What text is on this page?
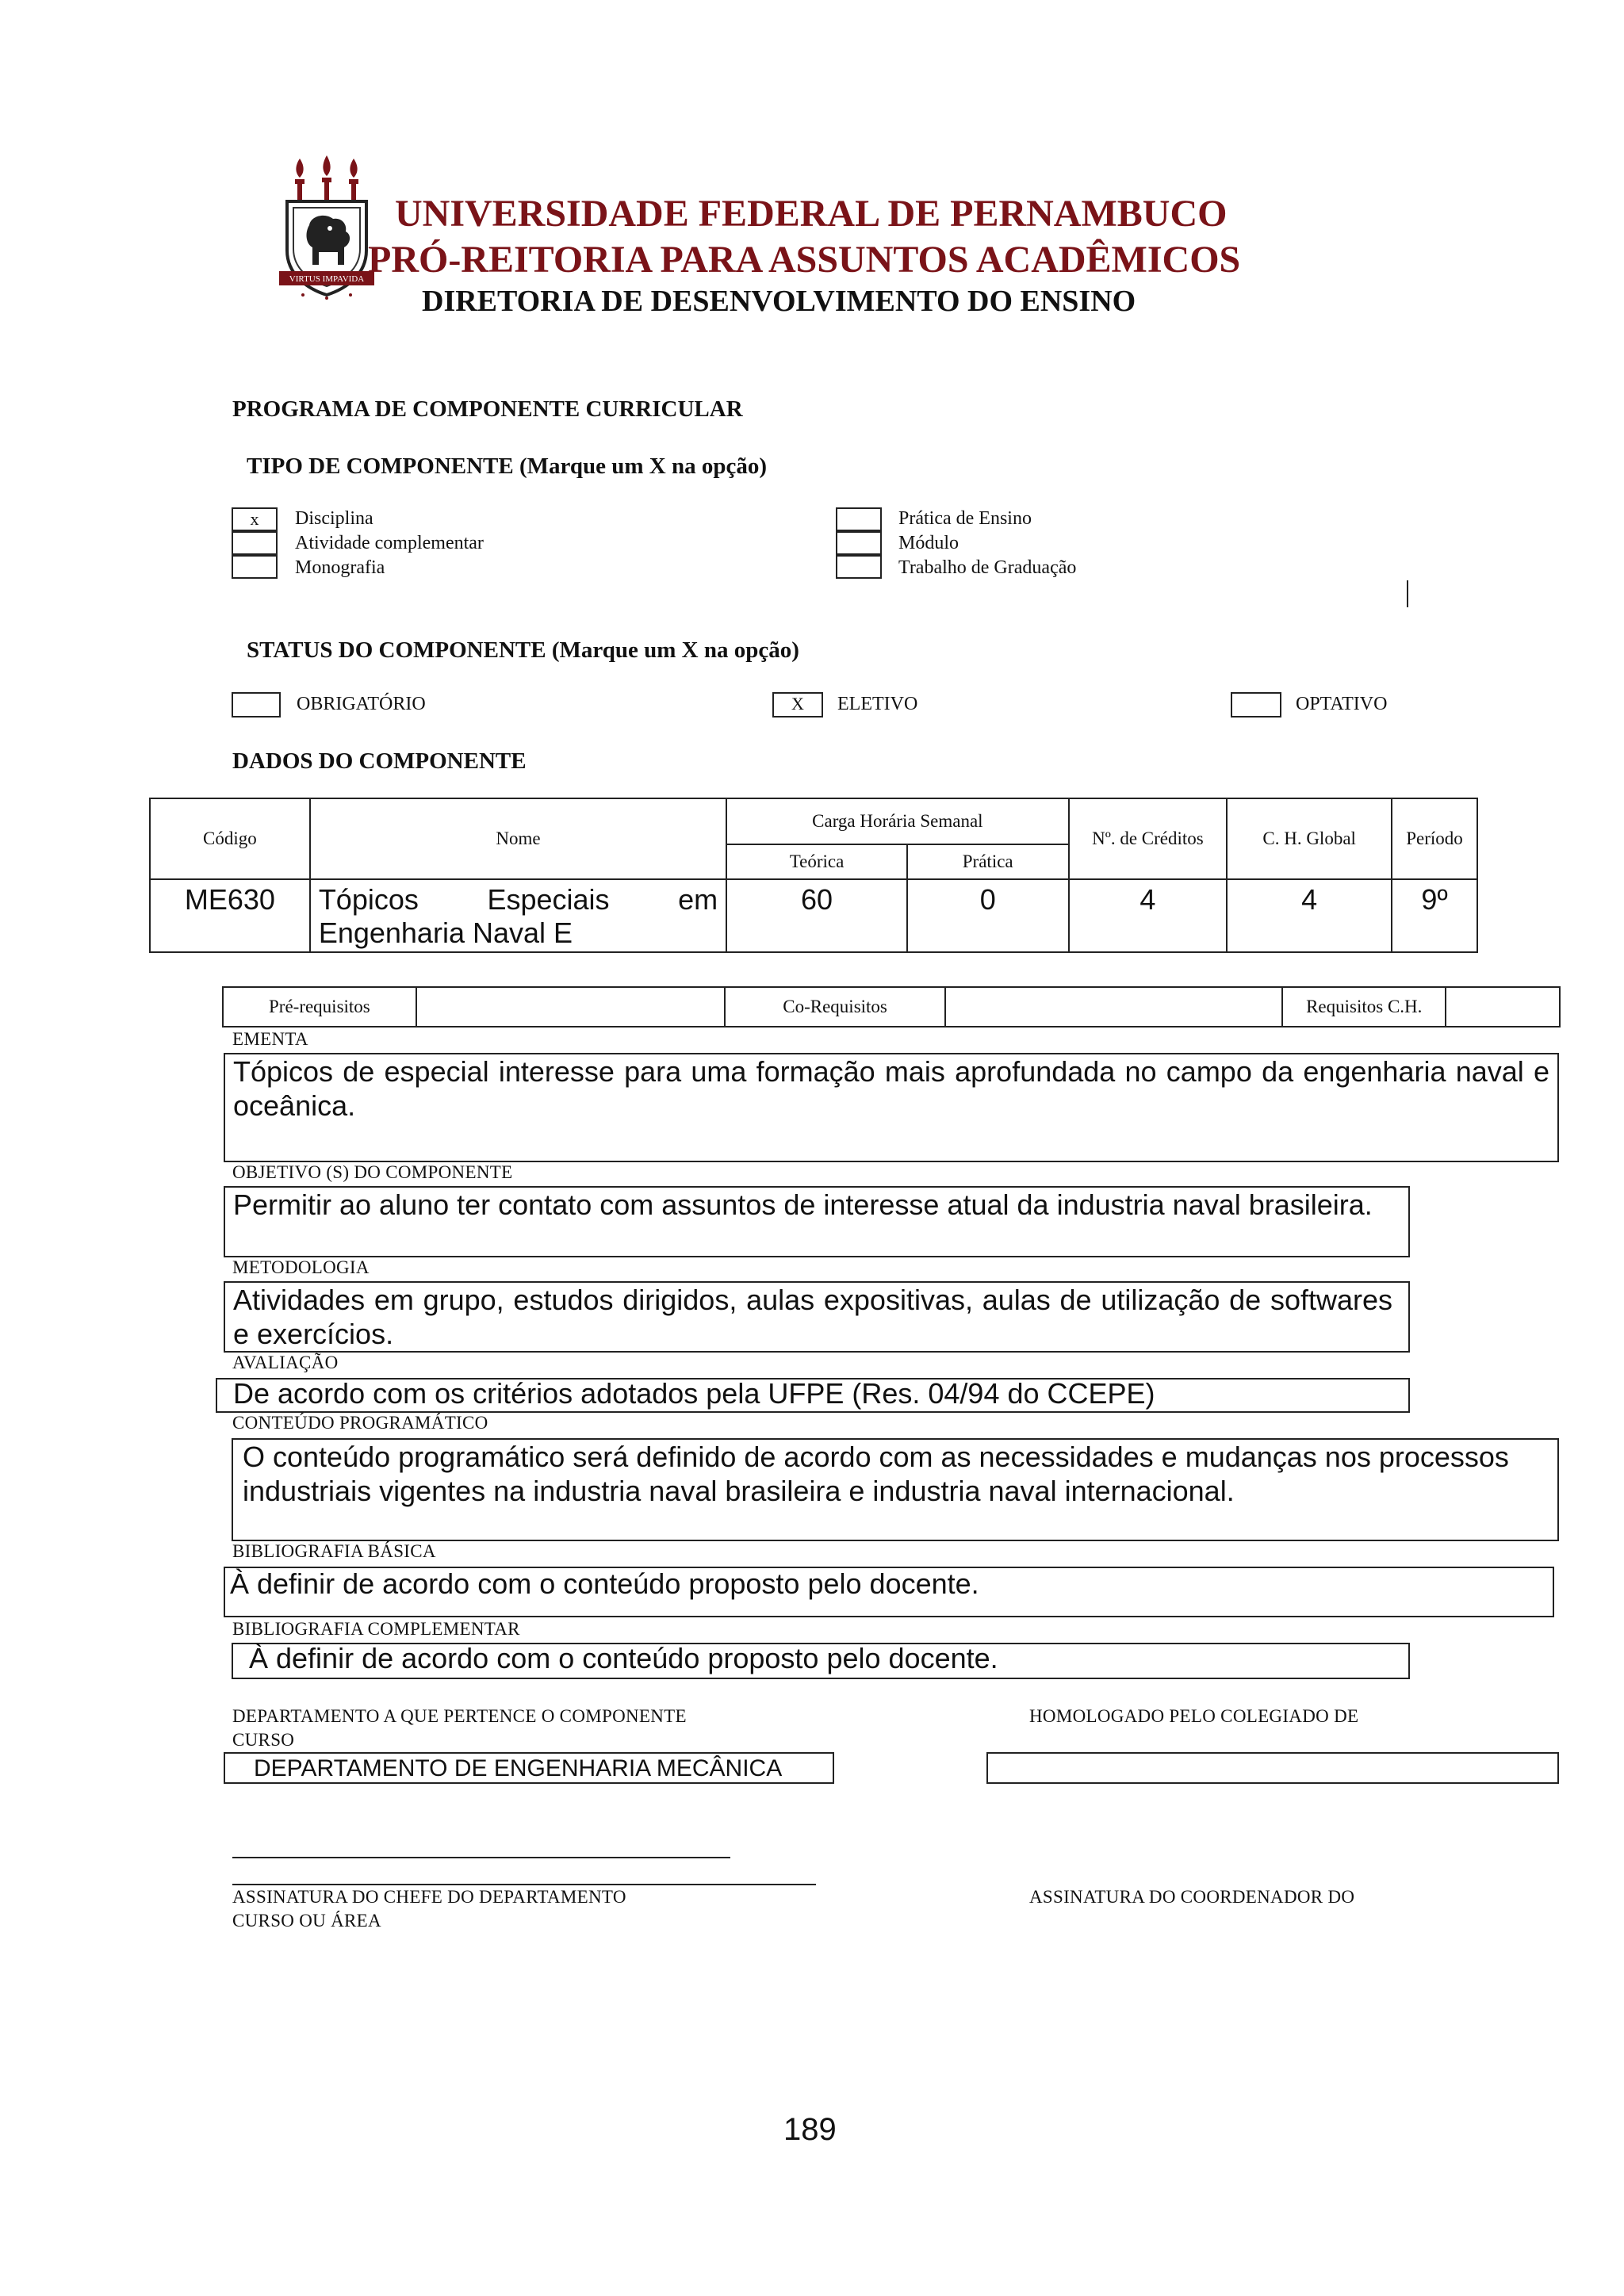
VIRTUS IMPAVIDA
UNIVERSIDADE FEDERAL DE PERNAMBUCO
PRÓ-REITORIA PARA ASSUNTOS ACADÊMICOS
DIRETORIA DE DESENVOLVIMENTO DO ENSINO
PROGRAMA DE COMPONENTE CURRICULAR
TIPO DE COMPONENTE (Marque um X na opção)
x	Disciplina
Atividade complementar
Monografia
Prática de Ensino
Módulo
Trabalho de Graduação
STATUS DO COMPONENTE (Marque um X na opção)
OBRIGATÓRIO	X	ELETIVO	OPTATIVO
DADOS DO COMPONENTE
Código	Nome	Carga Horária Semanal		Nº. de Créditos	C. H. Global	Período
		Teórica	Prática			
ME630	Tópicos Especiais em Engenharia Naval E	60	0	4	4	9º
Pré-requisitos		Co-Requisitos		Requisitos C.H.	
EMENTA
Tópicos de especial interesse para uma formação mais aprofundada no campo da engenharia naval e oceânica.
OBJETIVO (S) DO COMPONENTE
Permitir ao aluno ter contato com assuntos de interesse atual da industria naval brasileira.
METODOLOGIA
Atividades em grupo, estudos dirigidos, aulas expositivas, aulas de utilização de softwares e exercícios.
AVALIAÇÃO
De acordo com os critérios adotados pela UFPE (Res. 04/94 do CCEPE)
CONTEÚDO PROGRAMÁTICO
O conteúdo programático será definido de acordo com as necessidades e mudanças nos processos industriais vigentes na industria naval brasileira e industria naval internacional.
BIBLIOGRAFIA BÁSICA
À definir de acordo com o conteúdo proposto pelo docente.
BIBLIOGRAFIA COMPLEMENTAR
À definir de acordo com o conteúdo proposto pelo docente.
DEPARTAMENTO A QUE PERTENCE O COMPONENTE
CURSO
DEPARTAMENTO DE ENGENHARIA MECÂNICA
HOMOLOGADO PELO COLEGIADO DE
ASSINATURA DO CHEFE DO DEPARTAMENTO	ASSINATURA DO COORDENADOR DO
CURSO OU ÁREA
189
